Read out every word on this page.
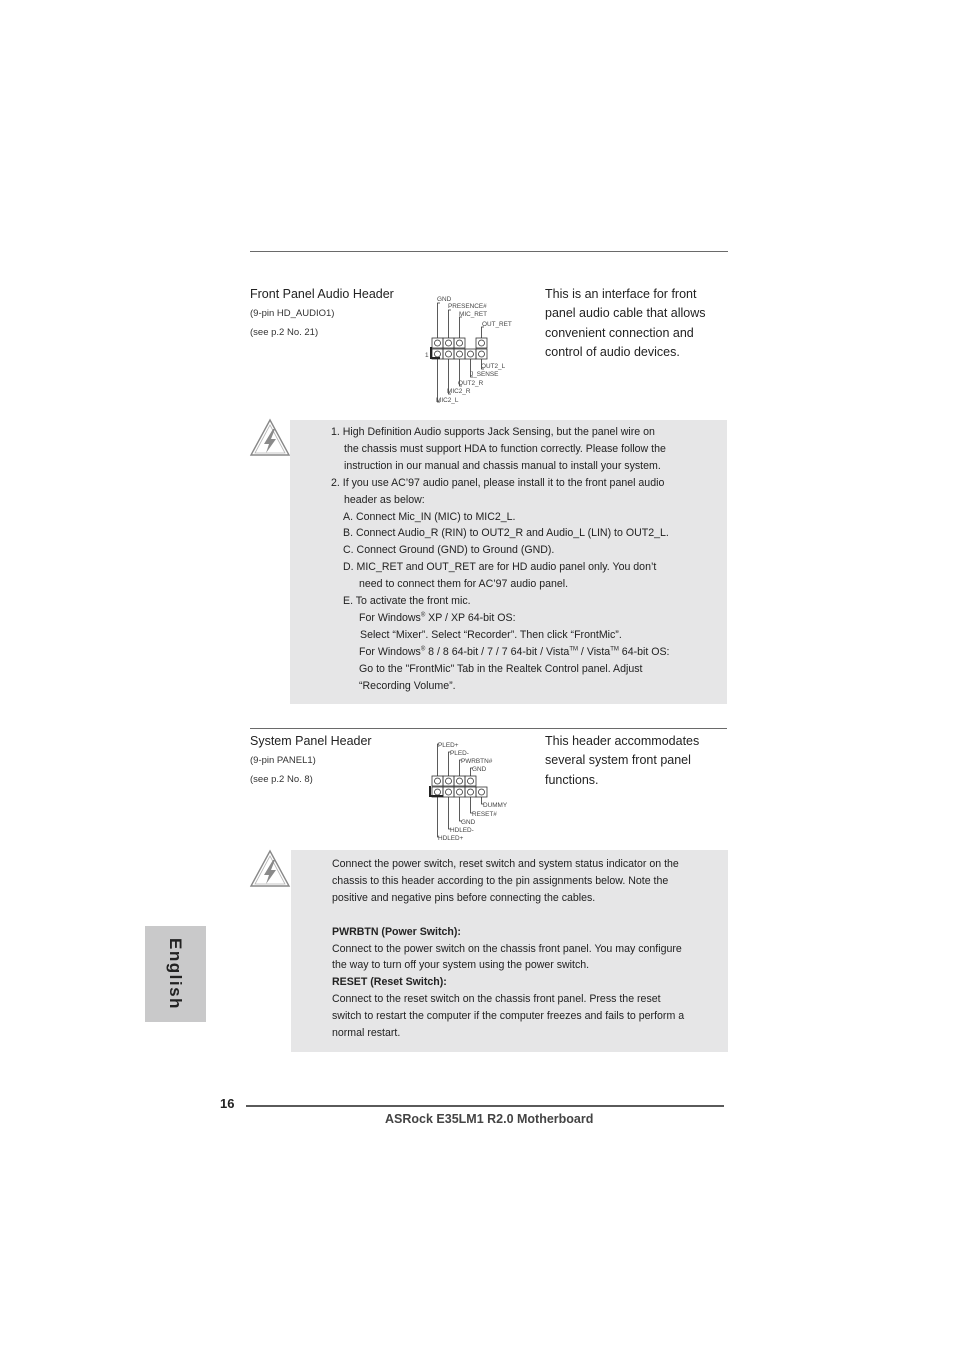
Front Panel Audio Header
(9-pin HD_AUDIO1)
(see p.2 No. 21)
1
GND
PRESENCE#
MIC_RET
OUT_RET
OUT2_L
J_SENSE
OUT2_R
MIC2_R
MIC2_L
This is an interface for front
panel audio cable that allows
convenient connection and
control of audio devices.
1. High Definition Audio supports Jack Sensing, but the panel wire on
the chassis must support HDA to function correctly. Please follow the
instruction in our manual and chassis manual to install your system.
2. If you use AC’97 audio panel, please install it to the front panel audio
header as below:
A. Connect Mic_IN (MIC) to MIC2_L.
B. Connect Audio_R (RIN) to OUT2_R and Audio_L (LIN) to OUT2_L.
C. Connect Ground (GND) to Ground (GND).
D. MIC_RET and OUT_RET are for HD audio panel only. You don’t
need to connect them for AC’97 audio panel.
E. To activate the front mic.
For Windows® XP / XP 64-bit OS:
Select “Mixer”. Select “Recorder”. Then click “FrontMic”.
For Windows® 8 / 8 64-bit / 7 / 7 64-bit / Vista™ / Vista™ 64-bit OS:
Go to the "FrontMic" Tab in the Realtek Control panel. Adjust
“Recording Volume”.
System Panel Header
(9-pin PANEL1)
(see p.2 No. 8)
PLED+
PLED-
PWRBTN#
GND
DUMMY
RESET#
GND
HDLED-
HDLED+
This header accommodates
several system front panel
functions.
Connect the power switch, reset switch and system status indicator on the
chassis to this header according to the pin assignments below. Note the
positive and negative pins before connecting the cables.
PWRBTN (Power Switch):
Connect to the power switch on the chassis front panel. You may configure
the way to turn off your system using the power switch.
RESET (Reset Switch):
Connect to the reset switch on the chassis front panel. Press the reset
switch to restart the computer if the computer freezes and fails to perform a
normal restart.
English
16
ASRock E35LM1 R2.0 Motherboard
